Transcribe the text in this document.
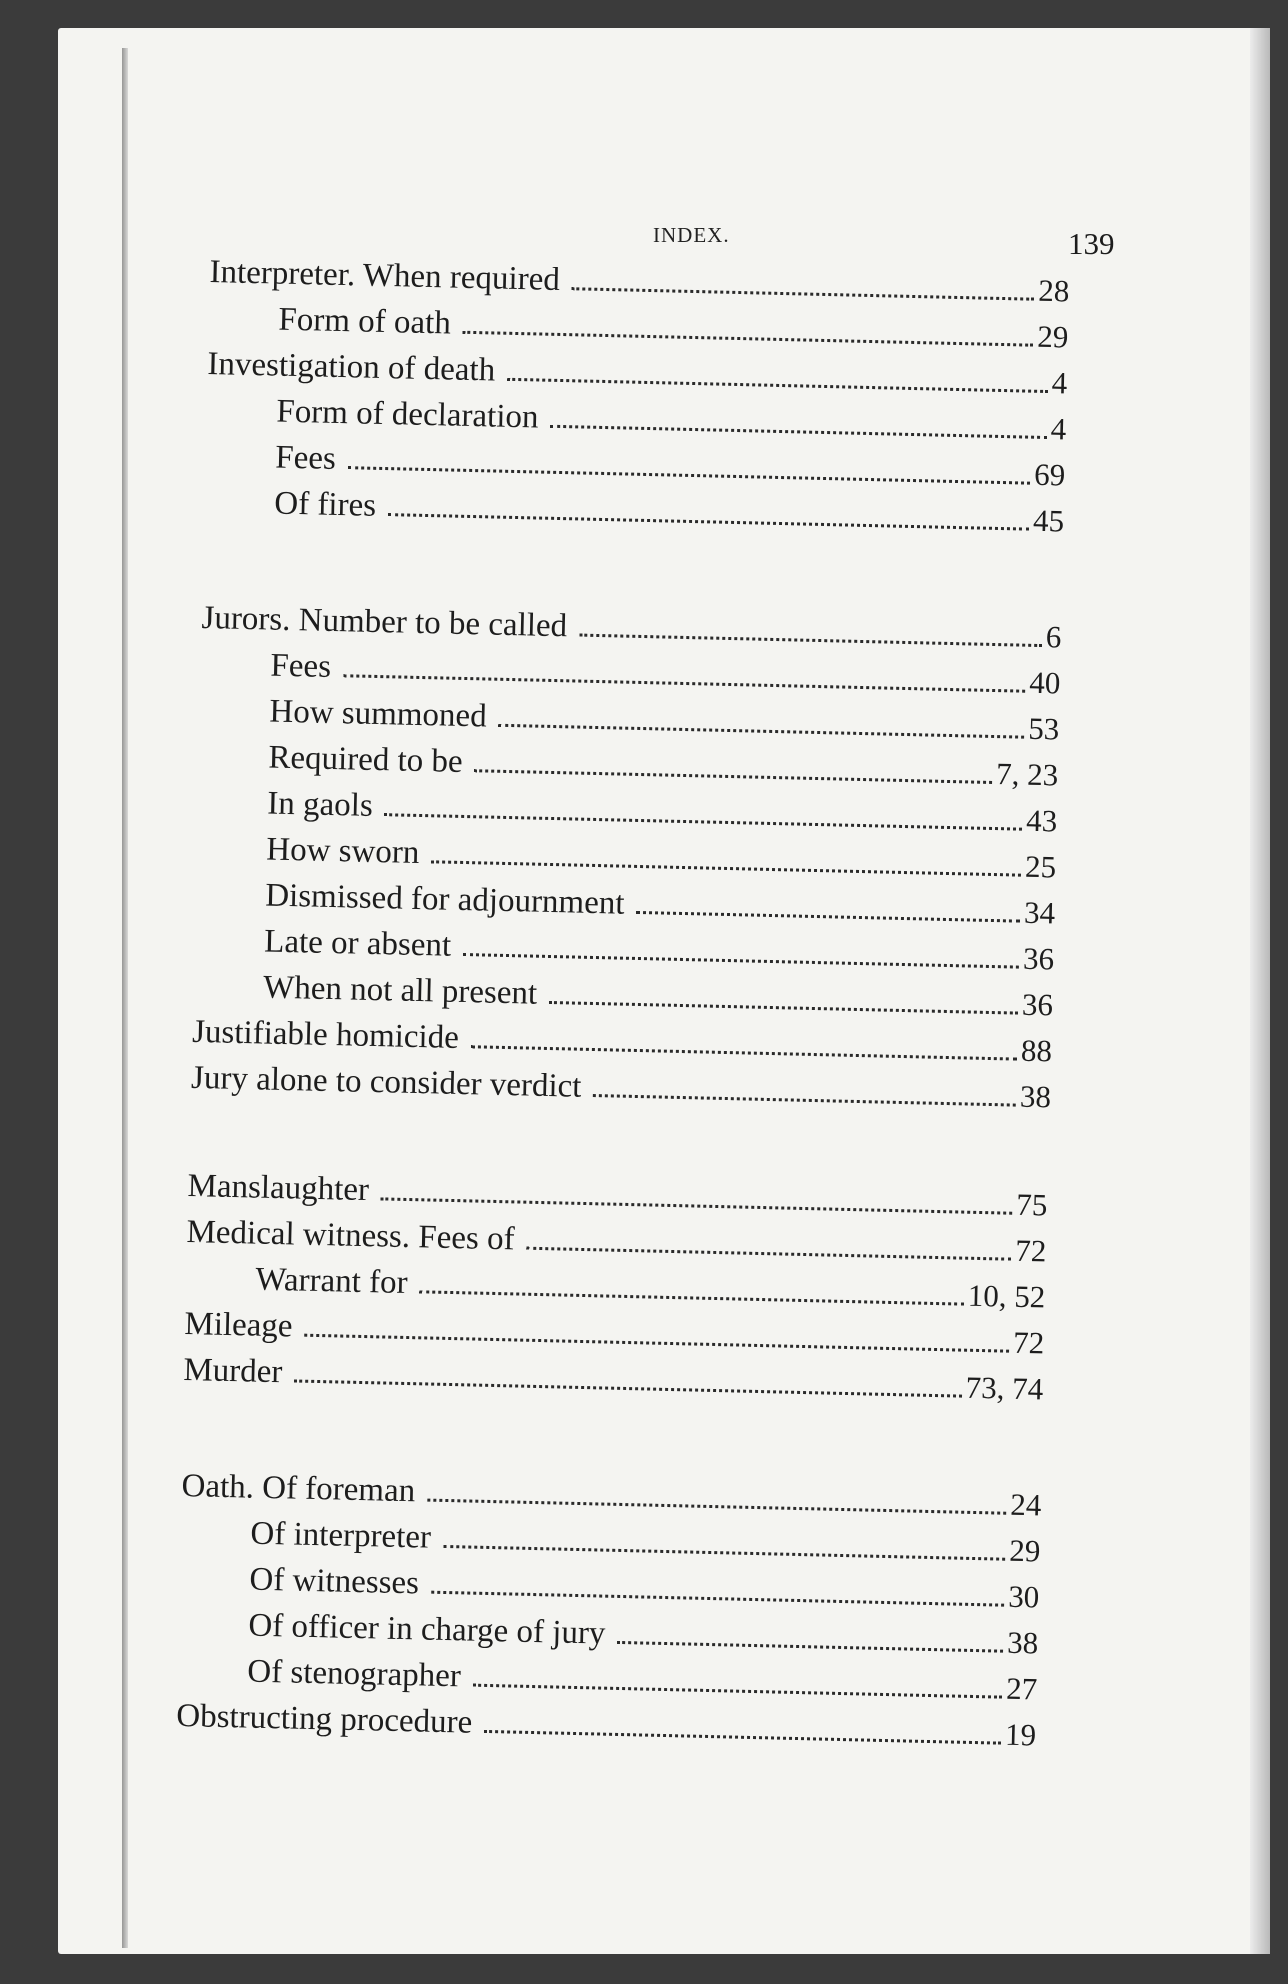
INDEX.	139
Interpreter. When required	28
Form of oath	29
Investigation of death	4
Form of declaration	4
Fees	69
Of fires	45
Jurors. Number to be called	6
Fees	40
How summoned	53
Required to be	7, 23
In gaols	43
How sworn	25
Dismissed for adjournment	34
Late or absent	36
When not all present	36
Justifiable homicide	88
Jury alone to consider verdict	38
Manslaughter	75
Medical witness. Fees of	72
Warrant for	10, 52
Mileage	72
Murder	73, 74
Oath. Of foreman	24
Of interpreter	29
Of witnesses	30
Of officer in charge of jury	38
Of stenographer	27
Obstructing procedure	19
